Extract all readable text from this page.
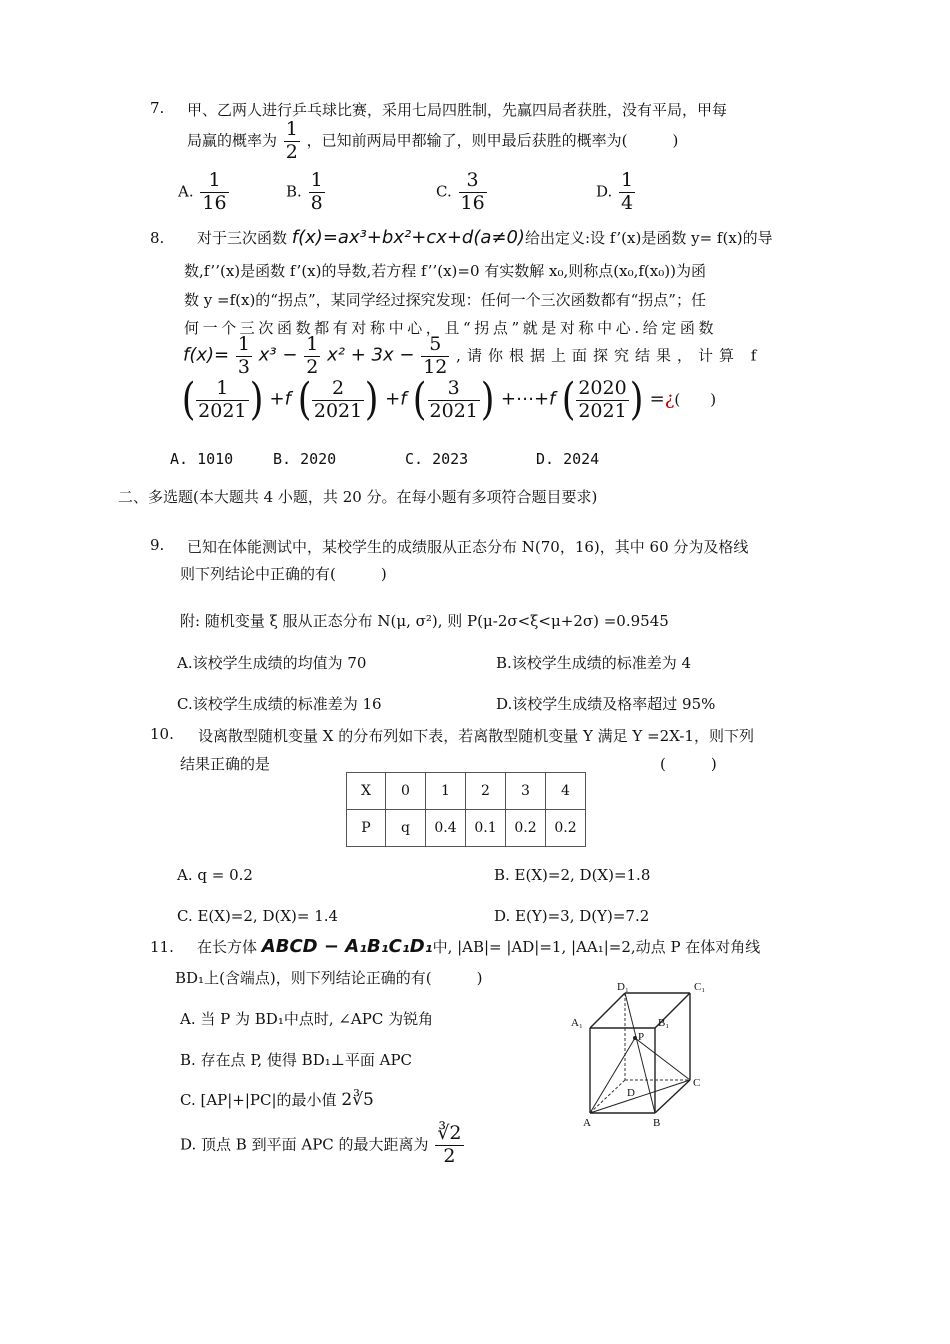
7. 甲、乙两人进行乒乓球比赛，采用七局四胜制，先赢四局者获胜，没有平局，甲每
局赢的概率为 $\frac{1}{2}$ ，已知前两局甲都输了，则甲最后获胜的概率为(　　　)
A. $\frac{1}{16}$	B. $\frac{1}{8}$	C. $\frac{3}{16}$	D. $\frac{1}{4}$
8. 对于三次函数 f(x)=ax³+bx²+cx+d(a≠0)给出定义:设 f’(x)是函数 y= f(x)的导
数,f’’(x)是函数 f’(x)的导数,若方程 f’’(x)=0 有实数解 x₀,则称点(x₀,f(x₀))为函
数 y =f(x)的“拐点”，某同学经过探究发现：任何一个三次函数都有“拐点”；任
何一个三次函数都有对称中心，且“拐点”就是对称中心.给定函数
$f(x)= \frac{1}{3} x^3 - \frac{1}{2} x^2 + 3x - \frac{5}{12}$ ,请你根据上面探究结果，计算 f
( $\frac{1}{2021}$ ) +f ( $\frac{2}{2021}$ ) +f ( $\frac{3}{2021}$ ) +⋯+f ( $\frac{2020}{2021}$ ) =¿(　　)
A. 1010	B. 2020	C. 2023	D. 2024
二、多选题(本大题共 4 小题，共 20 分。在每小题有多项符合题目要求)
9. 已知在体能测试中，某校学生的成绩服从正态分布 N(70，16)，其中 60 分为及格线
则下列结论中正确的有(　　　)
附: 随机变量 ξ 服从正态分布 N(μ, σ²), 则 P(μ-2σ<ξ<μ+2σ) =0.9545
A.该校学生成绩的均值为 70	B.该校学生成绩的标准差为 4
C.该校学生成绩的标准差为 16	D.该校学生成绩及格率超过 95%
10. 设离散型随机变量 X 的分布列如下表，若离散型随机变量 Y 满足 Y =2X-1，则下列
结果正确的是	(　　　)
X	0	1	2	3	4
P	q	0.4	0.1	0.2	0.2
A. q = 0.2	B. E(X)=2, D(X)=1.8
C. E(X)=2, D(X)= 1.4	D. E(Y)=3, D(Y)=7.2
11. 在长方体 ABCD − A₁B₁C₁D₁中, |AB|= |AD|=1, |AA₁|=2,动点 P 在体对角线
BD₁上(含端点)，则下列结论正确的有(　　　)
A. 当 P 为 BD₁中点时, ∠APC 为锐角
B. 存在点 P, 使得 BD₁⊥平面 APC
C. [AP|+|PC|的最小值 2∛5
D. 顶点 B 到平面 APC 的最大距离为 $\frac{∛2}{2}$
D₁	C₁
A₁	B₁
P
D
C
A	B
